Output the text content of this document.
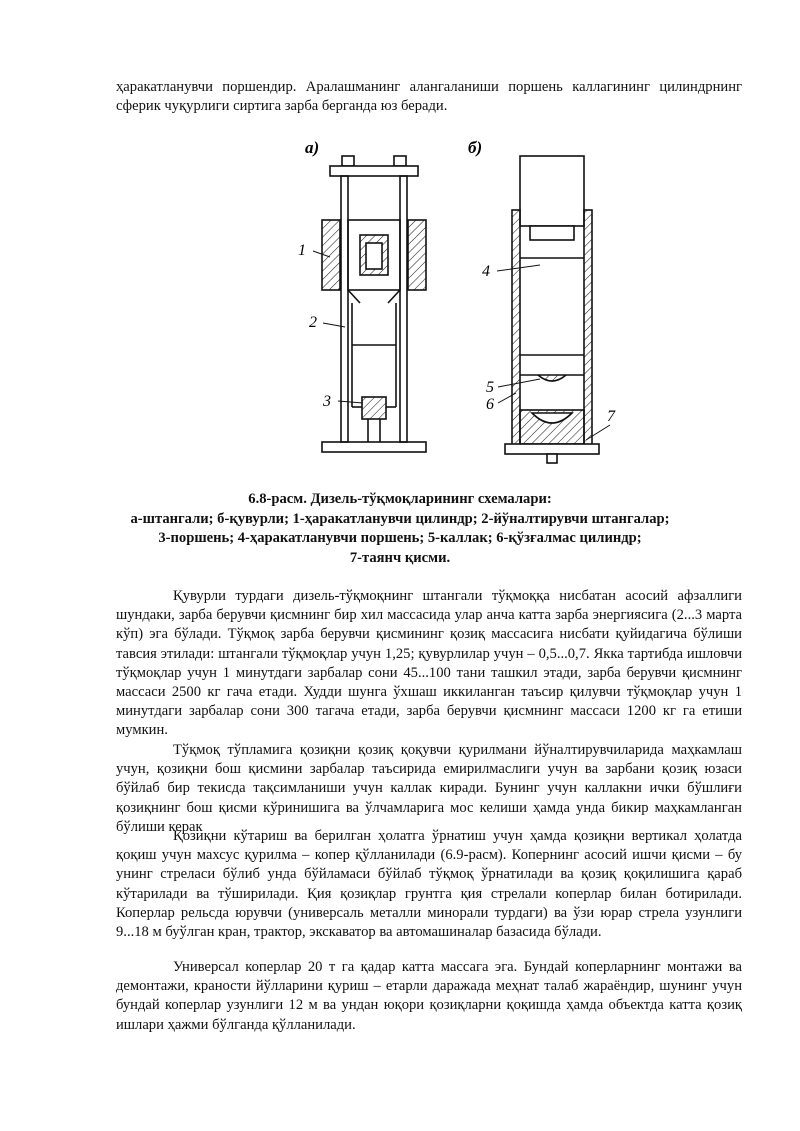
ҳаракатланувчи поршендир. Аралашманинг алангаланиши поршень каллагининг цилиндрнинг сферик чуқурлиги сиртига зарба берганда юз беради.
а)	б)
1
2
3
4
5
6
7
6.8-расм. Дизель-тўқмоқларининг схемалари:
а-штангали; б-қувурли; 1-ҳаракатланувчи цилиндр; 2-йўналтирувчи штангалар;
3-поршень; 4-ҳаракатланувчи поршень; 5-каллак; 6-қўзғалмас цилиндр;
7-таянч қисми.
Қувурли турдаги дизель-тўқмоқнинг штангали тўқмоққа нисбатан асосий афзаллиги шундаки, зарба берувчи қисмнинг бир хил массасида улар анча катта зарба энергиясига (2...3 марта кўп) эга бўлади. Тўқмоқ зарба берувчи қисмининг қозиқ массасига нисбати қуйидагича бўлиши тавсия этилади: штангали тўқмоқлар учун 1,25; қувурлилар учун – 0,5...0,7. Якка тартибда ишловчи тўқмоқлар учун 1 минутдаги зарбалар сони 45...100 тани ташкил этади, зарба берувчи қисмнинг массаси 2500 кг гача етади. Худди шунга ўхшаш иккиланган таъсир қилувчи тўқмоқлар учун 1 минутдаги зарбалар сони 300 тагача етади, зарба берувчи қисмнинг массаси 1200 кг га етиши мумкин.
Тўқмоқ тўпламига қозиқни қозиқ қоқувчи қурилмани йўналтирувчиларида маҳкамлаш учун, қозиқни бош қисмини зарбалар таъсирида емирилмаслиги учун ва зарбани қозиқ юзаси бўйлаб бир текисда тақсимланиши учун каллак киради. Бунинг учун каллакни ички бўшлиғи қозиқнинг бош қисми кўринишига ва ўлчамларига мос келиши ҳамда унда бикир маҳкамланган бўлиши керак
Қозиқни кўтариш ва берилган ҳолатга ўрнатиш учун ҳамда қозиқни вертикал ҳолатда қоқиш учун махсус қурилма – копер қўлланилади (6.9-расм). Копернинг асосий ишчи қисми – бу унинг стрелаcи бўлиб унда бўйламаси бўйлаб тўқмоқ ўрнатилади ва қозиқ қоқилишига қараб кўтарилади ва тўширилади. Қия қозиқлар грунтга қия стрелали коперлар билан ботирилади. Коперлар рельсда юрувчи (универсаль металли минорали турдаги) ва ўзи юрар стрела узунлиги 9...18 м буўлган кран, трактор, экскаватор ва автомашиналар базасида бўлади.
Универсал коперлар 20 т га қадар катта массага эга. Бундай коперларнинг монтажи ва демонтажи, краности йўлларини қуриш – етарли даражада меҳнат талаб жараёндир, шунинг учун бундай коперлар узунлиги 12 м ва ундан юқори қозиқларни қоқишда ҳамда объектда катта қозиқ ишлари ҳажми бўлганда қўлланилади.
